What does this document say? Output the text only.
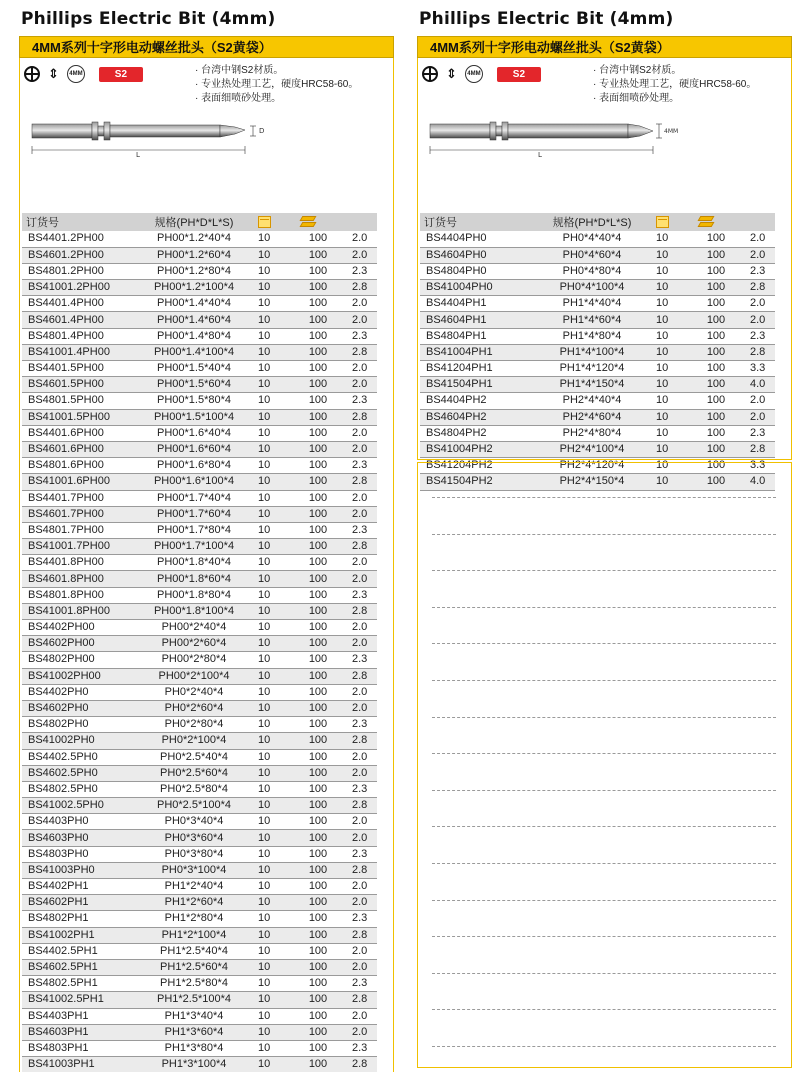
Phillips Electric Bit (4mm)
4MM系列十字形电动螺丝批头（S2黄袋）
⇕	4MM	S2	· 台湾中钢S2材质。
· 专业热处理工艺，硬度HRC58-60。
· 表面细喷砂处理。
L
D
订货号	规格(PH*D*L*S)		

BS4401.2PH00	PH00*1.2*40*4	10	100	2.0
BS4601.2PH00	PH00*1.2*60*4	10	100	2.0
BS4801.2PH00	PH00*1.2*80*4	10	100	2.3
BS41001.2PH00	PH00*1.2*100*4	10	100	2.8
BS4401.4PH00	PH00*1.4*40*4	10	100	2.0
BS4601.4PH00	PH00*1.4*60*4	10	100	2.0
BS4801.4PH00	PH00*1.4*80*4	10	100	2.3
BS41001.4PH00	PH00*1.4*100*4	10	100	2.8
BS4401.5PH00	PH00*1.5*40*4	10	100	2.0
BS4601.5PH00	PH00*1.5*60*4	10	100	2.0
BS4801.5PH00	PH00*1.5*80*4	10	100	2.3
BS41001.5PH00	PH00*1.5*100*4	10	100	2.8
BS4401.6PH00	PH00*1.6*40*4	10	100	2.0
BS4601.6PH00	PH00*1.6*60*4	10	100	2.0
BS4801.6PH00	PH00*1.6*80*4	10	100	2.3
BS41001.6PH00	PH00*1.6*100*4	10	100	2.8
BS4401.7PH00	PH00*1.7*40*4	10	100	2.0
BS4601.7PH00	PH00*1.7*60*4	10	100	2.0
BS4801.7PH00	PH00*1.7*80*4	10	100	2.3
BS41001.7PH00	PH00*1.7*100*4	10	100	2.8
BS4401.8PH00	PH00*1.8*40*4	10	100	2.0
BS4601.8PH00	PH00*1.8*60*4	10	100	2.0
BS4801.8PH00	PH00*1.8*80*4	10	100	2.3
BS41001.8PH00	PH00*1.8*100*4	10	100	2.8
BS4402PH00	PH00*2*40*4	10	100	2.0
BS4602PH00	PH00*2*60*4	10	100	2.0
BS4802PH00	PH00*2*80*4	10	100	2.3
BS41002PH00	PH00*2*100*4	10	100	2.8
BS4402PH0	PH0*2*40*4	10	100	2.0
BS4602PH0	PH0*2*60*4	10	100	2.0
BS4802PH0	PH0*2*80*4	10	100	2.3
BS41002PH0	PH0*2*100*4	10	100	2.8
BS4402.5PH0	PH0*2.5*40*4	10	100	2.0
BS4602.5PH0	PH0*2.5*60*4	10	100	2.0
BS4802.5PH0	PH0*2.5*80*4	10	100	2.3
BS41002.5PH0	PH0*2.5*100*4	10	100	2.8
BS4403PH0	PH0*3*40*4	10	100	2.0
BS4603PH0	PH0*3*60*4	10	100	2.0
BS4803PH0	PH0*3*80*4	10	100	2.3
BS41003PH0	PH0*3*100*4	10	100	2.8
BS4402PH1	PH1*2*40*4	10	100	2.0
BS4602PH1	PH1*2*60*4	10	100	2.0
BS4802PH1	PH1*2*80*4	10	100	2.3
BS41002PH1	PH1*2*100*4	10	100	2.8
BS4402.5PH1	PH1*2.5*40*4	10	100	2.0
BS4602.5PH1	PH1*2.5*60*4	10	100	2.0
BS4802.5PH1	PH1*2.5*80*4	10	100	2.3
BS41002.5PH1	PH1*2.5*100*4	10	100	2.8
BS4403PH1	PH1*3*40*4	10	100	2.0
BS4603PH1	PH1*3*60*4	10	100	2.0
BS4803PH1	PH1*3*80*4	10	100	2.3
BS41003PH1	PH1*3*100*4	10	100	2.8
Phillips Electric Bit (4mm)
4MM系列十字形电动螺丝批头（S2黄袋）
⇕	4MM	S2	· 台湾中钢S2材质。
· 专业热处理工艺，硬度HRC58-60。
· 表面细喷砂处理。
L
4MM
订货号	规格(PH*D*L*S)		

BS4404PH0	PH0*4*40*4	10	100	2.0
BS4604PH0	PH0*4*60*4	10	100	2.0
BS4804PH0	PH0*4*80*4	10	100	2.3
BS41004PH0	PH0*4*100*4	10	100	2.8
BS4404PH1	PH1*4*40*4	10	100	2.0
BS4604PH1	PH1*4*60*4	10	100	2.0
BS4804PH1	PH1*4*80*4	10	100	2.3
BS41004PH1	PH1*4*100*4	10	100	2.8
BS41204PH1	PH1*4*120*4	10	100	3.3
BS41504PH1	PH1*4*150*4	10	100	4.0
BS4404PH2	PH2*4*40*4	10	100	2.0
BS4604PH2	PH2*4*60*4	10	100	2.0
BS4804PH2	PH2*4*80*4	10	100	2.3
BS41004PH2	PH2*4*100*4	10	100	2.8
BS41204PH2	PH2*4*120*4	10	100	3.3
BS41504PH2	PH2*4*150*4	10	100	4.0
